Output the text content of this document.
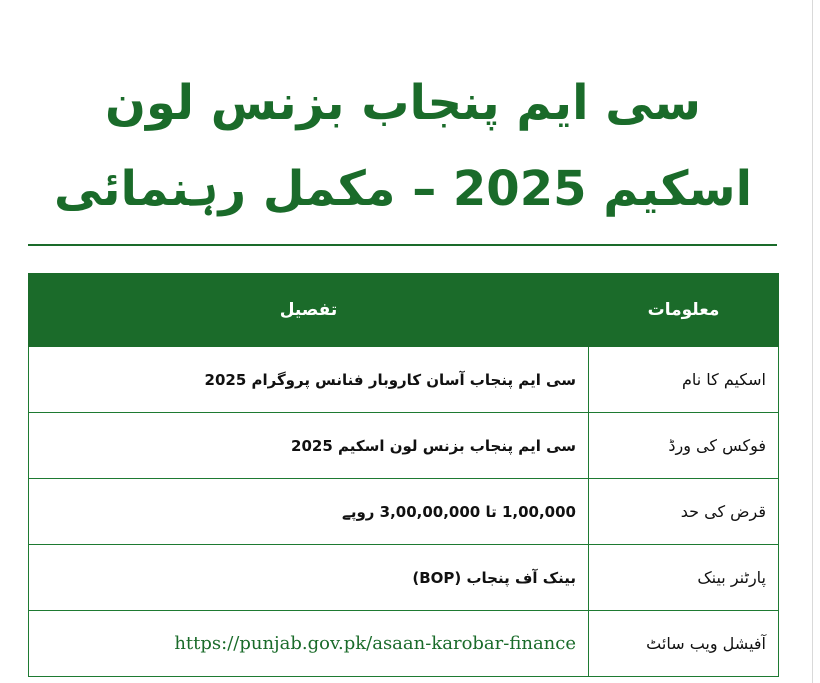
سی ایم پنجاب بزنس لون اسکیم 2025 – مکمل رہنمائی
معلومات	تفصیل
اسکیم کا نام	سی ایم پنجاب آسان کاروبار فنانس پروگرام 2025
فوکس کی ورڈ	سی ایم پنجاب بزنس لون اسکیم 2025
قرض کی حد	1,00,000 تا 3,00,00,000 روپے
پارٹنر بینک	بینک آف پنجاب (BOP)
آفیشل ویب سائٹ	https://punjab.gov.pk/asaan-karobar-finance
